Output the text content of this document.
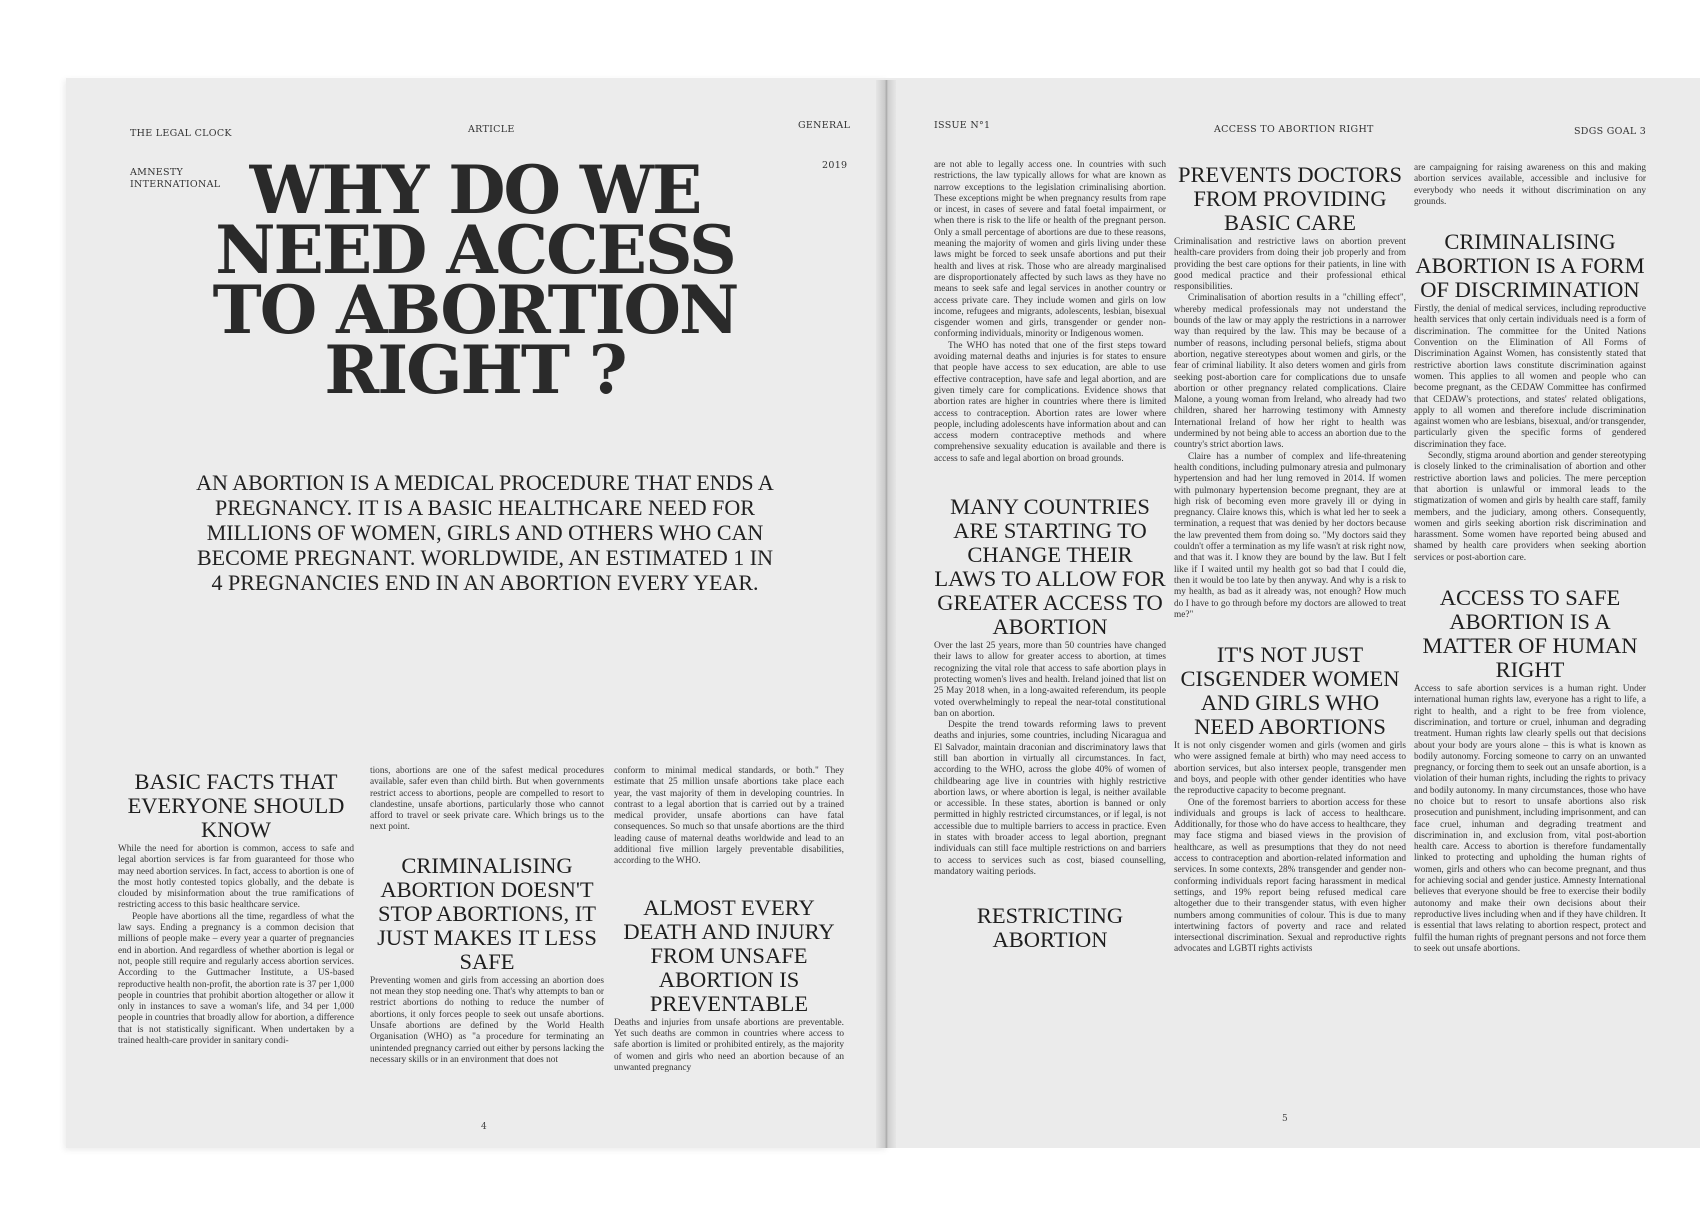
THE LEGAL CLOCK	ARTICLE	GENERAL
AMNESTY INTERNATIONAL
2019
WHY DO WE NEED ACCESS TO ABORTION RIGHT ?
AN ABORTION IS A MEDICAL PROCEDURE THAT ENDS A PREGNANCY. IT IS A BASIC HEALTHCARE NEED FOR MILLIONS OF WOMEN, GIRLS AND OTHERS WHO CAN BECOME PREGNANT. WORLDWIDE, AN ESTIMATED 1 IN 4 PREGNANCIES END IN AN ABORTION EVERY YEAR.
BASIC FACTS THAT EVERYONE SHOULD KNOW

While the need for abortion is common, access to safe and legal abortion services is far from guaranteed for those who may need abortion services. In fact, access to abortion is one of the most hotly contested topics globally, and the debate is clouded by misinformation about the true ramifications of restricting access to this basic healthcare service.

People have abortions all the time, regardless of what the law says. Ending a pregnancy is a common decision that millions of people make – every year a quarter of pregnancies end in abortion. And regardless of whether abortion is legal or not, people still require and regularly access abortion services. According to the Guttmacher Institute, a US-based reproductive health non-profit, the abortion rate is 37 per 1,000 people in countries that prohibit abortion altogether or allow it only in instances to save a woman's life, and 34 per 1,000 people in countries that broadly allow for abortion, a difference that is not statistically significant. When undertaken by a trained health-care provider in sanitary condi-

tions, abortions are one of the safest medical procedures available, safer even than child birth. But when governments restrict access to abortions, people are compelled to resort to clandestine, unsafe abortions, particularly those who cannot afford to travel or seek private care. Which brings us to the next point.

CRIMINALISING ABORTION DOESN'T STOP ABORTIONS, IT JUST MAKES IT LESS SAFE

Preventing women and girls from accessing an abortion does not mean they stop needing one. That's why attempts to ban or restrict abortions do nothing to reduce the number of abortions, it only forces people to seek out unsafe abortions. Unsafe abortions are defined by the World Health Organisation (WHO) as "a procedure for terminating an unintended pregnancy carried out either by persons lacking the necessary skills or in an environment that does not

conform to minimal medical standards, or both." They estimate that 25 million unsafe abortions take place each year, the vast majority of them in developing countries. In contrast to a legal abortion that is carried out by a trained medical provider, unsafe abortions can have fatal consequences. So much so that unsafe abortions are the third leading cause of maternal deaths worldwide and lead to an additional five million largely preventable disabilities, according to the WHO.

ALMOST EVERY DEATH AND INJURY FROM UNSAFE ABORTION IS PREVENTABLE

Deaths and injuries from unsafe abortions are preventable. Yet such deaths are common in countries where access to safe abortion is limited or prohibited entirely, as the majority of women and girls who need an abortion because of an unwanted pregnancy

4
ISSUE N°1	ACCESS TO ABORTION RIGHT	SDGS GOAL 3

are not able to legally access one. In countries with such restrictions, the law typically allows for what are known as narrow exceptions to the legislation criminalising abortion. These exceptions might be when pregnancy results from rape or incest, in cases of severe and fatal foetal impairment, or when there is risk to the life or health of the pregnant person. Only a small percentage of abortions are due to these reasons, meaning the majority of women and girls living under these laws might be forced to seek unsafe abortions and put their health and lives at risk. Those who are already marginalised are disproportionately affected by such laws as they have no means to seek safe and legal services in another country or access private care. They include women and girls on low income, refugees and migrants, adolescents, lesbian, bisexual cisgender women and girls, transgender or gender non-conforming individuals, minority or Indigenous women.

The WHO has noted that one of the first steps toward avoiding maternal deaths and injuries is for states to ensure that people have access to sex education, are able to use effective contraception, have safe and legal abortion, and are given timely care for complications. Evidence shows that abortion rates are higher in countries where there is limited access to contraception. Abortion rates are lower where people, including adolescents have information about and can access modern contraceptive methods and where comprehensive sexuality education is available and there is access to safe and legal abortion on broad grounds.

MANY COUNTRIES ARE STARTING TO CHANGE THEIR LAWS TO ALLOW FOR GREATER ACCESS TO ABORTION

Over the last 25 years, more than 50 countries have changed their laws to allow for greater access to abortion, at times recognizing the vital role that access to safe abortion plays in protecting women's lives and health. Ireland joined that list on 25 May 2018 when, in a long-awaited referendum, its people voted overwhelmingly to repeal the near-total constitutional ban on abortion.

Despite the trend towards reforming laws to prevent deaths and injuries, some countries, including Nicaragua and El Salvador, maintain draconian and discriminatory laws that still ban abortion in virtually all circumstances. In fact, according to the WHO, across the globe 40% of women of childbearing age live in countries with highly restrictive abortion laws, or where abortion is legal, is neither available or accessible. In these states, abortion is banned or only permitted in highly restricted circumstances, or if legal, is not accessible due to multiple barriers to access in practice. Even in states with broader access to legal abortion, pregnant individuals can still face multiple restrictions on and barriers to access to services such as cost, biased counselling, mandatory waiting periods.

RESTRICTING ABORTION
PREVENTS DOCTORS FROM PROVIDING BASIC CARE

Criminalisation and restrictive laws on abortion prevent health-care providers from doing their job properly and from providing the best care options for their patients, in line with good medical practice and their professional ethical responsibilities.

Criminalisation of abortion results in a "chilling effect", whereby medical professionals may not understand the bounds of the law or may apply the restrictions in a narrower way than required by the law. This may be because of a number of reasons, including personal beliefs, stigma about abortion, negative stereotypes about women and girls, or the fear of criminal liability. It also deters women and girls from seeking post-abortion care for complications due to unsafe abortion or other pregnancy related complications. Claire Malone, a young woman from Ireland, who already had two children, shared her harrowing testimony with Amnesty International Ireland of how her right to health was undermined by not being able to access an abortion due to the country's strict abortion laws.

Claire has a number of complex and life-threatening health conditions, including pulmonary atresia and pulmonary hypertension and had her lung removed in 2014. If women with pulmonary hypertension become pregnant, they are at high risk of becoming even more gravely ill or dying in pregnancy. Claire knows this, which is what led her to seek a termination, a request that was denied by her doctors because the law prevented them from doing so. "My doctors said they couldn't offer a termination as my life wasn't at risk right now, and that was it. I know they are bound by the law. But I felt like if I waited until my health got so bad that I could die, then it would be too late by then anyway. And why is a risk to my health, as bad as it already was, not enough? How much do I have to go through before my doctors are allowed to treat me?"

IT'S NOT JUST CISGENDER WOMEN AND GIRLS WHO NEED ABORTIONS

It is not only cisgender women and girls (women and girls who were assigned female at birth) who may need access to abortion services, but also intersex people, transgender men and boys, and people with other gender identities who have the reproductive capacity to become pregnant.

One of the foremost barriers to abortion access for these individuals and groups is lack of access to healthcare. Additionally, for those who do have access to healthcare, they may face stigma and biased views in the provision of healthcare, as well as presumptions that they do not need access to contraception and abortion-related information and services. In some contexts, 28% transgender and gender non-conforming individuals report facing harassment in medical settings, and 19% report being refused medical care altogether due to their transgender status, with even higher numbers among communities of colour. This is due to many intertwining factors of poverty and race and related intersectional discrimination. Sexual and reproductive rights advocates and LGBTI rights activists

are campaigning for raising awareness on this and making abortion services available, accessible and inclusive for everybody who needs it without discrimination on any grounds.

CRIMINALISING ABORTION IS A FORM OF DISCRIMINATION

Firstly, the denial of medical services, including reproductive health services that only certain individuals need is a form of discrimination. The committee for the United Nations Convention on the Elimination of All Forms of Discrimination Against Women, has consistently stated that restrictive abortion laws constitute discrimination against women. This applies to all women and people who can become pregnant, as the CEDAW Committee has confirmed that CEDAW's protections, and states' related obligations, apply to all women and therefore include discrimination against women who are lesbians, bisexual, and/or transgender, particularly given the specific forms of gendered discrimination they face.

Secondly, stigma around abortion and gender stereotyping is closely linked to the criminalisation of abortion and other restrictive abortion laws and policies. The mere perception that abortion is unlawful or immoral leads to the stigmatization of women and girls by health care staff, family members, and the judiciary, among others. Consequently, women and girls seeking abortion risk discrimination and harassment. Some women have reported being abused and shamed by health care providers when seeking abortion services or post-abortion care.

ACCESS TO SAFE ABORTION IS A MATTER OF HUMAN RIGHT

Access to safe abortion services is a human right. Under international human rights law, everyone has a right to life, a right to health, and a right to be free from violence, discrimination, and torture or cruel, inhuman and degrading treatment. Human rights law clearly spells out that decisions about your body are yours alone – this is what is known as bodily autonomy. Forcing someone to carry on an unwanted pregnancy, or forcing them to seek out an unsafe abortion, is a violation of their human rights, including the rights to privacy and bodily autonomy. In many circumstances, those who have no choice but to resort to unsafe abortions also risk prosecution and punishment, including imprisonment, and can face cruel, inhuman and degrading treatment and discrimination in, and exclusion from, vital post-abortion health care. Access to abortion is therefore fundamentally linked to protecting and upholding the human rights of women, girls and others who can become pregnant, and thus for achieving social and gender justice. Amnesty International believes that everyone should be free to exercise their bodily autonomy and make their own decisions about their reproductive lives including when and if they have children. It is essential that laws relating to abortion respect, protect and fulfil the human rights of pregnant persons and not force them to seek out unsafe abortions.

5
